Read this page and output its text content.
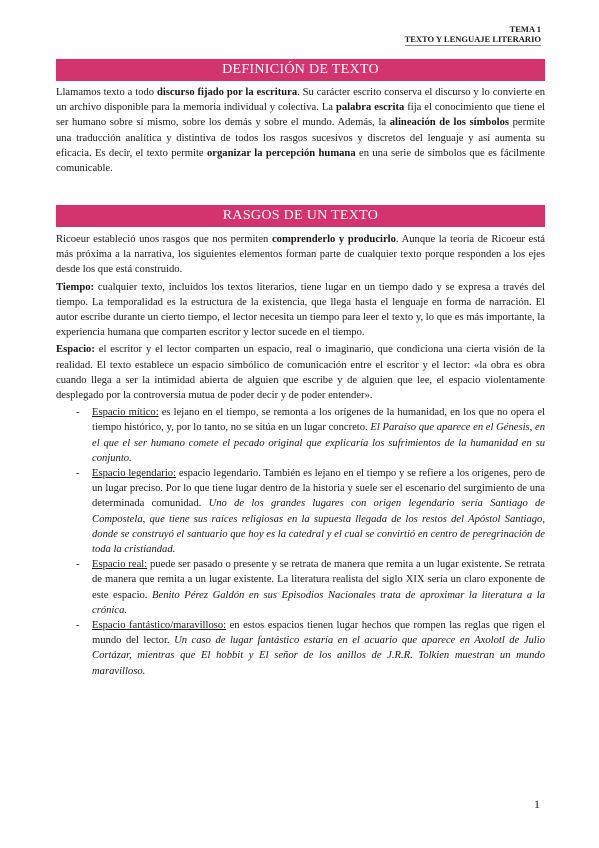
TEMA 1
TEXTO Y LENGUAJE LITERARIO
DEFINICIÓN DE TEXTO

Llamamos texto a todo discurso fijado por la escritura. Su carácter escrito conserva el discurso y lo convierte en un archivo disponible para la memoria individual y colectiva. La palabra escrita fija el conocimiento que tiene el ser humano sobre sí mismo, sobre los demás y sobre el mundo. Además, la alineación de los símbolos permite una traducción analítica y distintiva de todos los rasgos sucesivos y discretos del lenguaje y así aumenta su eficacia. Es decir, el texto permite organizar la percepción humana en una serie de símbolos que es fácilmente comunicable.

RASGOS DE UN TEXTO

Ricoeur estableció unos rasgos que nos permiten comprenderlo y producirlo. Aunque la teoría de Ricoeur está más próxima a la narrativa, los siguientes elementos forman parte de cualquier texto porque responden a los ejes desde los que está construido.

Tiempo: cualquier texto, incluidos los textos literarios, tiene lugar en un tiempo dado y se expresa a través del tiempo. La temporalidad es la estructura de la existencia, que llega hasta el lenguaje en forma de narración. El autor escribe durante un cierto tiempo, el lector necesita un tiempo para leer el texto y, lo que es más importante, la experiencia humana que comparten escritor y lector sucede en el tiempo.

Espacio: el escritor y el lector comparten un espacio, real o imaginario, que condiciona una cierta visión de la realidad. El texto establece un espacio simbólico de comunicación entre el escritor y el lector: «la obra es obra cuando llega a ser la intimidad abierta de alguien que escribe y de alguien que lee, el espacio violentamente desplegado por la controversia mutua de poder decir y de poder entender».

- Espacio mítico: es lejano en el tiempo, se remonta a los orígenes de la humanidad, en los que no opera el tiempo histórico, y, por lo tanto, no se sitúa en un lugar concreto. El Paraíso que aparece en el Génesis, en el que el ser humano comete el pecado original que explicaría los sufrimientos de la humanidad en su conjunto.
- Espacio legendario: espacio legendario. También es lejano en el tiempo y se refiere a los orígenes, pero de un lugar preciso. Por lo que tiene lugar dentro de la historia y suele ser el escenario del surgimiento de una determinada comunidad. Uno de los grandes lugares con origen legendario sería Santiago de Compostela, que tiene sus raíces religiosas en la supuesta llegada de los restos del Apóstol Santiago, donde se construyó el santuario que hoy es la catedral y el cual se convirtió en centro de peregrinación de toda la cristiandad.
- Espacio real: puede ser pasado o presente y se retrata de manera que remita a un lugar existente. Se retrata de manera que remita a un lugar existente. La literatura realista del siglo XIX sería un claro exponente de este espacio. Benito Pérez Galdón en sus Episodios Nacionales trata de aproximar la literatura a la crónica.
- Espacio fantástico/maravilloso: en estos espacios tienen lugar hechos que rompen las reglas que rigen el mundo del lector. Un caso de lugar fantástico estaría en el acuario que aparece en Axolotl de Julio Cortázar, mientras que El hobbit y El señor de los anillos de J.R.R. Tolkien muestran un mundo maravilloso.
1
